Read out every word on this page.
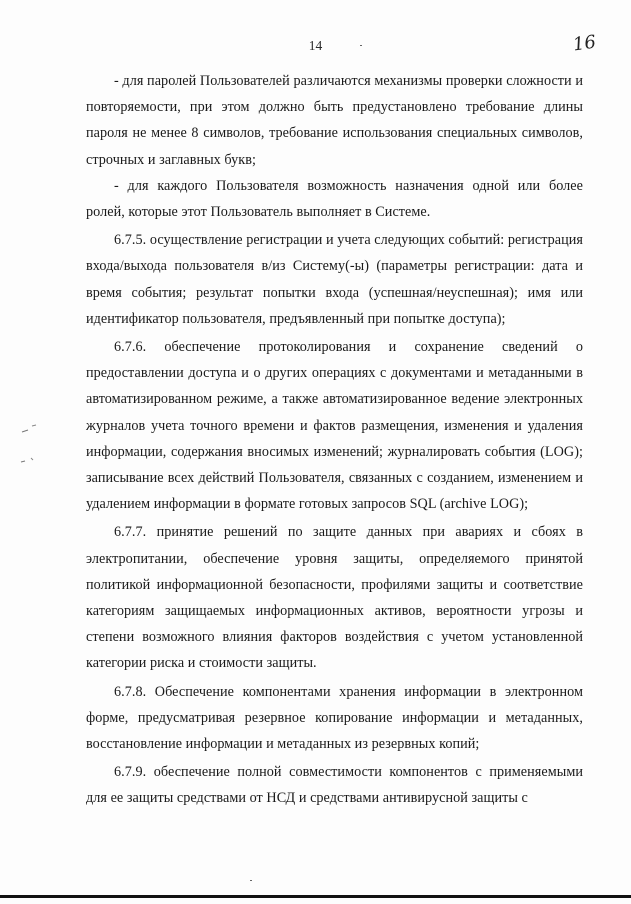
14	16

- для паролей Пользователей различаются механизмы проверки сложности и повторяемости, при этом должно быть предустановлено требование длины пароля не менее 8 символов, требование использования специальных символов, строчных и заглавных букв;

- для каждого Пользователя возможность назначения одной или более ролей, которые этот Пользователь выполняет в Системе.

6.7.5. осуществление регистрации и учета следующих событий: регистрация входа/выхода пользователя в/из Систему(-ы) (параметры регистрации: дата и время события; результат попытки входа (успешная/неуспешная); имя или идентификатор пользователя, предъявленный при попытке доступа);

6.7.6. обеспечение протоколирования и сохранение сведений о предоставлении доступа и о других операциях с документами и метаданными в автоматизированном режиме, а также автоматизированное ведение электронных журналов учета точного времени и фактов размещения, изменения и удаления информации, содержания вносимых изменений; журналировать события (LOG); записывание всех действий Пользователя, связанных с созданием, изменением и удалением информации в формате готовых запросов SQL (archive LOG);

6.7.7. принятие решений по защите данных при авариях и сбоях в электропитании, обеспечение уровня защиты, определяемого принятой политикой информационной безопасности, профилями защиты и соответствие категориям защищаемых информационных активов, вероятности угрозы и степени возможного влияния факторов воздействия с учетом установленной категории риска и стоимости защиты.

6.7.8. Обеспечение компонентами хранения информации в электронном форме, предусматривая резервное копирование информации и метаданных, восстановление информации и метаданных из резервных копий;

6.7.9. обеспечение полной совместимости компонентов с применяемыми для ее защиты средствами от НСД и средствами антивирусной защиты с
